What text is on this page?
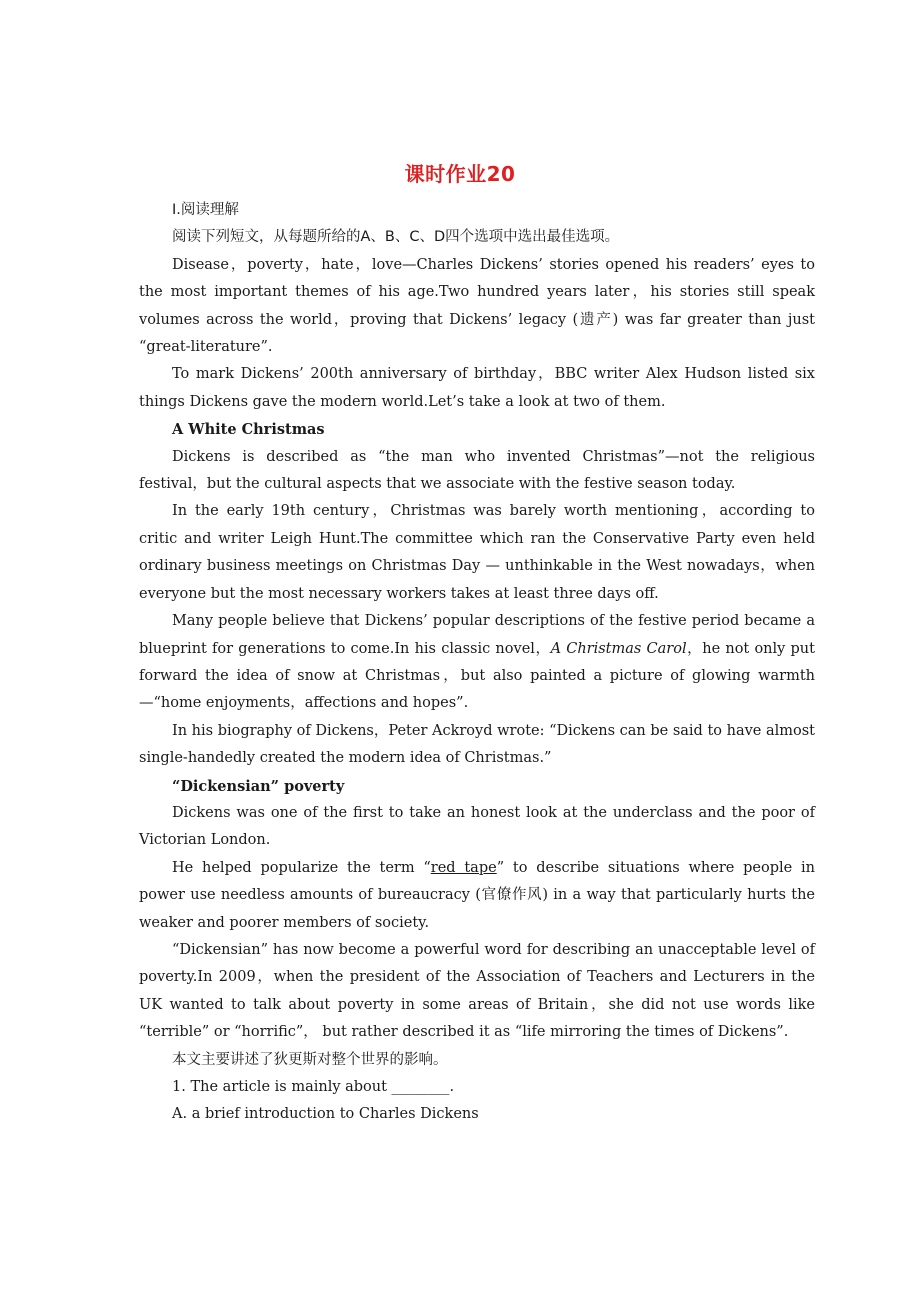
课时作业20

Ⅰ.阅读理解

阅读下列短文，从每题所给的A、B、C、D四个选项中选出最佳选项。

Disease，poverty，hate，love—Charles Dickens’ stories opened his readers’ eyes to the most important themes of his age.Two hundred years later，his stories still speak volumes across the world，proving that Dickens’ legacy (遗产) was far greater than just “great-literature”.

To mark Dickens’ 200th anniversary of birthday，BBC writer Alex Hudson listed six things Dickens gave the modern world.Let’s take a look at two of them.

A White Christmas

Dickens is described as “the man who invented Christmas”—not the religious festival，but the cultural aspects that we associate with the festive season today.

In the early 19th century，Christmas was barely worth mentioning，according to critic and writer Leigh Hunt.The committee which ran the Conservative Party even held ordinary business meetings on Christmas Day — unthinkable in the West nowadays，when everyone but the most necessary workers takes at least three days off.

Many people believe that Dickens’ popular descriptions of the festive period became a blueprint for generations to come.In his classic novel，A Christmas Carol，he not only put forward the idea of snow at Christmas，but also painted a picture of glowing warmth—“home enjoyments，affections and hopes”.

In his biography of Dickens，Peter Ackroyd wrote: “Dickens can be said to have almost single-handedly created the modern idea of Christmas.”

“Dickensian” poverty

Dickens was one of the first to take an honest look at the underclass and the poor of Victorian London.

He helped popularize the term “red tape” to describe situations where people in power use needless amounts of bureaucracy (官僚作风) in a way that particularly hurts the weaker and poorer members of society.

“Dickensian” has now become a powerful word for describing an unacceptable level of poverty.In 2009，when the president of the Association of Teachers and Lecturers in the UK wanted to talk about poverty in some areas of Britain，she did not use words like “terrible” or “horrific”， but rather described it as “life mirroring the times of Dickens”.

本文主要讲述了狄更斯对整个世界的影响。

1. The article is mainly about ________.

A. a brief introduction to Charles Dickens
